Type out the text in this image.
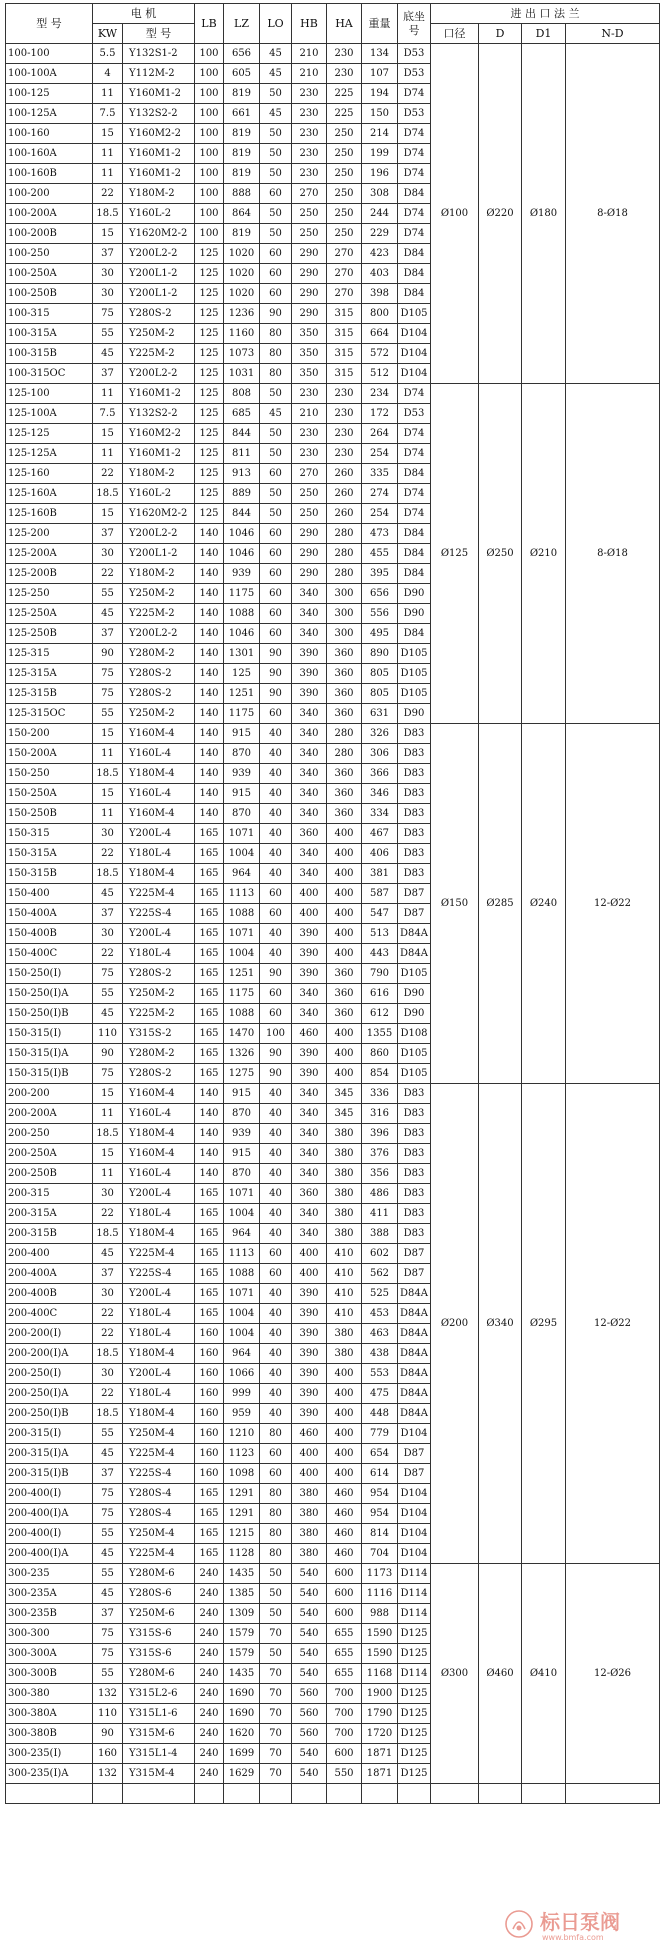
型 号	电 机		LB	LZ	LO	HB	HA	重量	底坐号	进 出 口 法 兰			
	KW	型 号								口径	D	D1	N-D
100-100	5.5	Y132S1-2	100	656	45	210	230	134	D53	Ø100	Ø220	Ø180	8-Ø18
100-100A	4	Y112M-2	100	605	45	210	230	107	D53				
100-125	11	Y160M1-2	100	819	50	230	225	194	D74				
100-125A	7.5	Y132S2-2	100	661	45	230	225	150	D53				
100-160	15	Y160M2-2	100	819	50	230	250	214	D74				
100-160A	11	Y160M1-2	100	819	50	230	250	199	D74				
100-160B	11	Y160M1-2	100	819	50	230	250	196	D74				
100-200	22	Y180M-2	100	888	60	270	250	308	D84				
100-200A	18.5	Y160L-2	100	864	50	250	250	244	D74				
100-200B	15	Y1620M2-2	100	819	50	250	250	229	D74				
100-250	37	Y200L2-2	125	1020	60	290	270	423	D84				
100-250A	30	Y200L1-2	125	1020	60	290	270	403	D84				
100-250B	30	Y200L1-2	125	1020	60	290	270	398	D84				
100-315	75	Y280S-2	125	1236	90	290	315	800	D105				
100-315A	55	Y250M-2	125	1160	80	350	315	664	D104				
100-315B	45	Y225M-2	125	1073	80	350	315	572	D104				
100-315OC	37	Y200L2-2	125	1031	80	350	315	512	D104				
125-100	11	Y160M1-2	125	808	50	230	230	234	D74	Ø125	Ø250	Ø210	8-Ø18
125-100A	7.5	Y132S2-2	125	685	45	210	230	172	D53				
125-125	15	Y160M2-2	125	844	50	230	230	264	D74				
125-125A	11	Y160M1-2	125	811	50	230	230	254	D74				
125-160	22	Y180M-2	125	913	60	270	260	335	D84				
125-160A	18.5	Y160L-2	125	889	50	250	260	274	D74				
125-160B	15	Y1620M2-2	125	844	50	250	260	254	D74				
125-200	37	Y200L2-2	140	1046	60	290	280	473	D84				
125-200A	30	Y200L1-2	140	1046	60	290	280	455	D84				
125-200B	22	Y180M-2	140	939	60	290	280	395	D84				
125-250	55	Y250M-2	140	1175	60	340	300	656	D90				
125-250A	45	Y225M-2	140	1088	60	340	300	556	D90				
125-250B	37	Y200L2-2	140	1046	60	340	300	495	D84				
125-315	90	Y280M-2	140	1301	90	390	360	890	D105				
125-315A	75	Y280S-2	140	125	90	390	360	805	D105				
125-315B	75	Y280S-2	140	1251	90	390	360	805	D105				
125-315OC	55	Y250M-2	140	1175	60	340	360	631	D90				
150-200	15	Y160M-4	140	915	40	340	280	326	D83	Ø150	Ø285	Ø240	12-Ø22
150-200A	11	Y160L-4	140	870	40	340	280	306	D83				
150-250	18.5	Y180M-4	140	939	40	340	360	366	D83				
150-250A	15	Y160L-4	140	915	40	340	360	346	D83				
150-250B	11	Y160M-4	140	870	40	340	360	334	D83				
150-315	30	Y200L-4	165	1071	40	360	400	467	D83				
150-315A	22	Y180L-4	165	1004	40	340	400	406	D83				
150-315B	18.5	Y180M-4	165	964	40	340	400	381	D83				
150-400	45	Y225M-4	165	1113	60	400	400	587	D87				
150-400A	37	Y225S-4	165	1088	60	400	400	547	D87				
150-400B	30	Y200L-4	165	1071	40	390	400	513	D84A				
150-400C	22	Y180L-4	165	1004	40	390	400	443	D84A				
150-250(I)	75	Y280S-2	165	1251	90	390	360	790	D105				
150-250(I)A	55	Y250M-2	165	1175	60	340	360	616	D90				
150-250(I)B	45	Y225M-2	165	1088	60	340	360	612	D90				
150-315(I)	110	Y315S-2	165	1470	100	460	400	1355	D108				
150-315(I)A	90	Y280M-2	165	1326	90	390	400	860	D105				
150-315(I)B	75	Y280S-2	165	1275	90	390	400	854	D105				
200-200	15	Y160M-4	140	915	40	340	345	336	D83	Ø200	Ø340	Ø295	12-Ø22
200-200A	11	Y160L-4	140	870	40	340	345	316	D83				
200-250	18.5	Y180M-4	140	939	40	340	380	396	D83				
200-250A	15	Y160M-4	140	915	40	340	380	376	D83				
200-250B	11	Y160L-4	140	870	40	340	380	356	D83				
200-315	30	Y200L-4	165	1071	40	360	380	486	D83				
200-315A	22	Y180L-4	165	1004	40	340	380	411	D83				
200-315B	18.5	Y180M-4	165	964	40	340	380	388	D83				
200-400	45	Y225M-4	165	1113	60	400	410	602	D87				
200-400A	37	Y225S-4	165	1088	60	400	410	562	D87				
200-400B	30	Y200L-4	165	1071	40	390	410	525	D84A				
200-400C	22	Y180L-4	165	1004	40	390	410	453	D84A				
200-200(I)	22	Y180L-4	160	1004	40	390	380	463	D84A				
200-200(I)A	18.5	Y180M-4	160	964	40	390	380	438	D84A				
200-250(I)	30	Y200L-4	160	1066	40	390	400	553	D84A				
200-250(I)A	22	Y180L-4	160	999	40	390	400	475	D84A				
200-250(I)B	18.5	Y180M-4	160	959	40	390	400	448	D84A				
200-315(I)	55	Y250M-4	160	1210	80	460	400	779	D104				
200-315(I)A	45	Y225M-4	160	1123	60	400	400	654	D87				
200-315(I)B	37	Y225S-4	160	1098	60	400	400	614	D87				
200-400(I)	75	Y280S-4	165	1291	80	380	460	954	D104				
200-400(I)A	75	Y280S-4	165	1291	80	380	460	954	D104				
200-400(I)	55	Y250M-4	165	1215	80	380	460	814	D104				
200-400(I)A	45	Y225M-4	165	1128	80	380	460	704	D104				
300-235	55	Y280M-6	240	1435	50	540	600	1173	D114	Ø300	Ø460	Ø410	12-Ø26
300-235A	45	Y280S-6	240	1385	50	540	600	1116	D114				
300-235B	37	Y250M-6	240	1309	50	540	600	988	D114				
300-300	75	Y315S-6	240	1579	70	540	655	1590	D125				
300-300A	75	Y315S-6	240	1579	50	540	655	1590	D125				
300-300B	55	Y280M-6	240	1435	70	540	655	1168	D114				
300-380	132	Y315L2-6	240	1690	70	560	700	1900	D125				
300-380A	110	Y315L1-6	240	1690	70	560	700	1790	D125				
300-380B	90	Y315M-6	240	1620	70	560	700	1720	D125				
300-235(I)	160	Y315L1-4	240	1699	70	540	600	1871	D125				
300-235(I)A	132	Y315M-4	240	1629	70	540	550	1871	D125				

标日泵阀
www.bmfa.com
